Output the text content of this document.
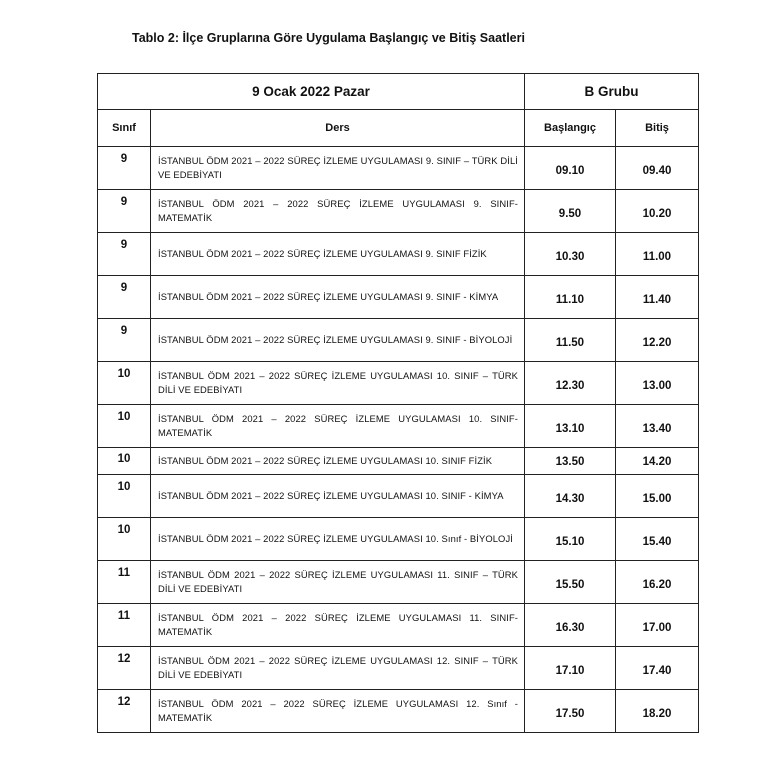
Tablo 2: İlçe Gruplarına Göre Uygulama Başlangıç ve Bitiş Saatleri
9 Ocak 2022 Pazar		B Grubu	
Sınıf	Ders	Başlangıç	Bitiş
9	İSTANBUL ÖDM 2021 – 2022 SÜREÇ İZLEME UYGULAMASI 9. SINIF – TÜRK DİLİ VE EDEBİYATI	09.10	09.40
9	İSTANBUL ÖDM 2021 – 2022 SÜREÇ İZLEME UYGULAMASI 9. SINIF- MATEMATİK	9.50	10.20
9	İSTANBUL ÖDM 2021 – 2022 SÜREÇ İZLEME UYGULAMASI 9. SINIF FİZİK	10.30	11.00
9	İSTANBUL ÖDM 2021 – 2022 SÜREÇ İZLEME UYGULAMASI 9. SINIF - KİMYA	11.10	11.40
9	İSTANBUL ÖDM 2021 – 2022 SÜREÇ İZLEME UYGULAMASI 9. SINIF - BİYOLOJİ	11.50	12.20
10	İSTANBUL ÖDM 2021 – 2022 SÜREÇ İZLEME UYGULAMASI 10. SINIF – TÜRK DİLİ VE EDEBİYATI	12.30	13.00
10	İSTANBUL ÖDM 2021 – 2022 SÜREÇ İZLEME UYGULAMASI 10. SINIF- MATEMATİK	13.10	13.40
10	İSTANBUL ÖDM 2021 – 2022 SÜREÇ İZLEME UYGULAMASI 10. SINIF FİZİK	13.50	14.20
10	İSTANBUL ÖDM 2021 – 2022 SÜREÇ İZLEME UYGULAMASI 10. SINIF - KİMYA	14.30	15.00
10	İSTANBUL ÖDM 2021 – 2022 SÜREÇ İZLEME UYGULAMASI 10. Sınıf - BİYOLOJİ	15.10	15.40
11	İSTANBUL ÖDM 2021 – 2022 SÜREÇ İZLEME UYGULAMASI 11. SINIF – TÜRK DİLİ VE EDEBİYATI	15.50	16.20
11	İSTANBUL ÖDM 2021 – 2022 SÜREÇ İZLEME UYGULAMASI 11. SINIF- MATEMATİK	16.30	17.00
12	İSTANBUL ÖDM 2021 – 2022 SÜREÇ İZLEME UYGULAMASI 12. SINIF – TÜRK DİLİ VE EDEBİYATI	17.10	17.40
12	İSTANBUL ÖDM 2021 – 2022 SÜREÇ İZLEME UYGULAMASI 12. Sınıf - MATEMATİK	17.50	18.20
